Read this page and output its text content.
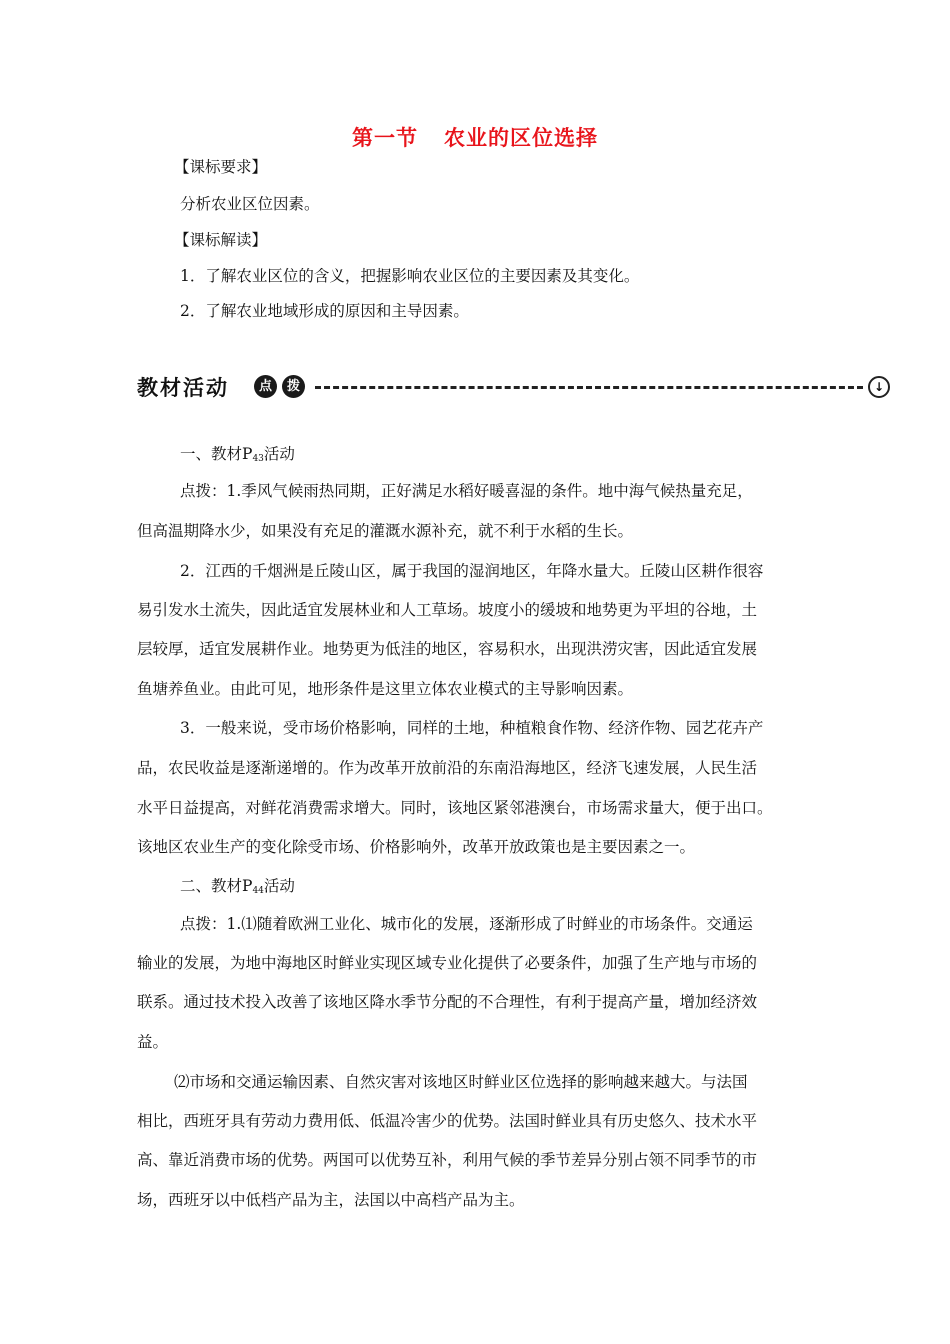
第一节 农业的区位选择
【课标要求】
分析农业区位因素。
【课标解读】
1．了解农业区位的含义，把握影响农业区位的主要因素及其变化。
2．了解农业地域形成的原因和主导因素。
教材活动	点	拨	↓
一、教材$P_{43}$活动
点拨：1.季风气候雨热同期，正好满足水稻好暖喜湿的条件。地中海气候热量充足，
但高温期降水少，如果没有充足的灌溉水源补充，就不利于水稻的生长。
2．江西的千烟洲是丘陵山区，属于我国的湿润地区，年降水量大。丘陵山区耕作很容
易引发水土流失，因此适宜发展林业和人工草场。坡度小的缓坡和地势更为平坦的谷地，土
层较厚，适宜发展耕作业。地势更为低洼的地区，容易积水，出现洪涝灾害，因此适宜发展
鱼塘养鱼业。由此可见，地形条件是这里立体农业模式的主导影响因素。
3．一般来说，受市场价格影响，同样的土地，种植粮食作物、经济作物、园艺花卉产
品，农民收益是逐渐递增的。作为改革开放前沿的东南沿海地区，经济飞速发展，人民生活
水平日益提高，对鲜花消费需求增大。同时，该地区紧邻港澳台，市场需求量大，便于出口。
该地区农业生产的变化除受市场、价格影响外，改革开放政策也是主要因素之一。
二、教材$P_{44}$活动
点拨：1.⑴随着欧洲工业化、城市化的发展，逐渐形成了时鲜业的市场条件。交通运
输业的发展，为地中海地区时鲜业实现区域专业化提供了必要条件，加强了生产地与市场的
联系。通过技术投入改善了该地区降水季节分配的不合理性，有利于提高产量，增加经济效
益。
⑵市场和交通运输因素、自然灾害对该地区时鲜业区位选择的影响越来越大。与法国
相比，西班牙具有劳动力费用低、低温冷害少的优势。法国时鲜业具有历史悠久、技术水平
高、靠近消费市场的优势。两国可以优势互补，利用气候的季节差异分别占领不同季节的市
场，西班牙以中低档产品为主，法国以中高档产品为主。
